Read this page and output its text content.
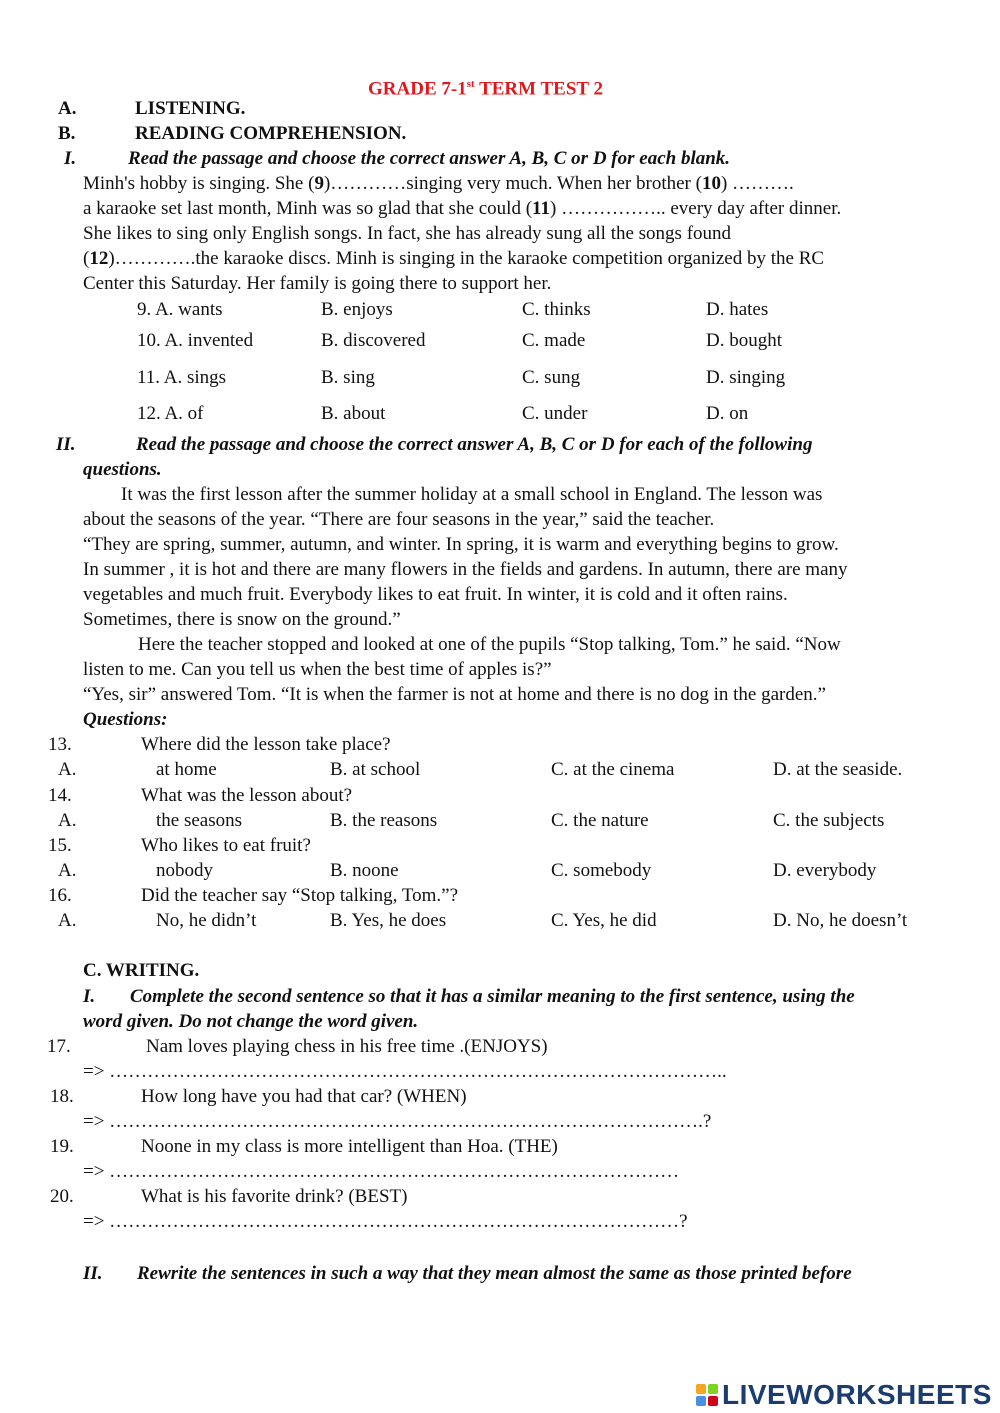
GRADE 7-1st TERM TEST 2
A.	LISTENING.
B.	READING COMPREHENSION.
I.	Read the passage and choose the correct answer A, B, C or D for each blank.
Minh's hobby is singing. She (9)…………singing very much. When her brother (10) ……….
a karaoke set last month, Minh was so glad that she could (11) …………….. every day after dinner.
She likes to sing only English songs. In fact, she has already sung all the songs found
(12)………….the karaoke discs. Minh is singing in the karaoke competition organized by the RC
Center this Saturday. Her family is going there to support her.
9. A. wants	B. enjoys	C. thinks	D. hates
10. A. invented	B. discovered	C. made	D. bought
11. A. sings	B. sing	C. sung	D. singing
12. A. of	B. about	C. under	D. on
II.	Read the passage and choose the correct answer A, B, C or D for each of the following
questions.
It was the first lesson after the summer holiday at a small school in England. The lesson was
about the seasons of the year. “There are four seasons in the year,” said the teacher.
“They are spring, summer, autumn, and winter. In spring, it is warm and everything begins to grow.
In summer , it is hot and there are many flowers in the fields and gardens. In autumn, there are many
vegetables and much fruit. Everybody likes to eat fruit. In winter, it is cold and it often rains.
Sometimes, there is snow on the ground.”
Here the teacher stopped and looked at one of the pupils “Stop talking, Tom.” he said. “Now
listen to me. Can you tell us when the best time of apples is?”
“Yes, sir” answered Tom. “It is when the farmer is not at home and there is no dog in the garden.”
Questions:
13.	Where did the lesson take place?
A.	at home	B. at school	C. at the cinema	D. at the seaside.
14.	What was the lesson about?
A.	the seasons	B. the reasons	C. the nature	C. the subjects
15.	Who likes to eat fruit?
A.	nobody	B. noone	C. somebody	D. everybody
16.	Did the teacher say “Stop talking, Tom.”?
A.	No, he didn’t	B. Yes, he does	C. Yes, he did	D. No, he doesn’t
C. WRITING.
I. Complete the second sentence so that it has a similar meaning to the first sentence, using the
word given. Do not change the word given.
17.	Nam loves playing chess in his free time .(ENJOYS)
=> ……………………………………………………………………………………..
18.	How long have you had that car? (WHEN)
=> ………………………………………………………………………………….?
19.	Noone in my class is more intelligent than Hoa. (THE)
=> ………………………………………………………………………………
20.	What is his favorite drink? (BEST)
=> ………………………………………………………………………………?
II. Rewrite the sentences in such a way that they mean almost the same as those printed before
LIVEWORKSHEETS
